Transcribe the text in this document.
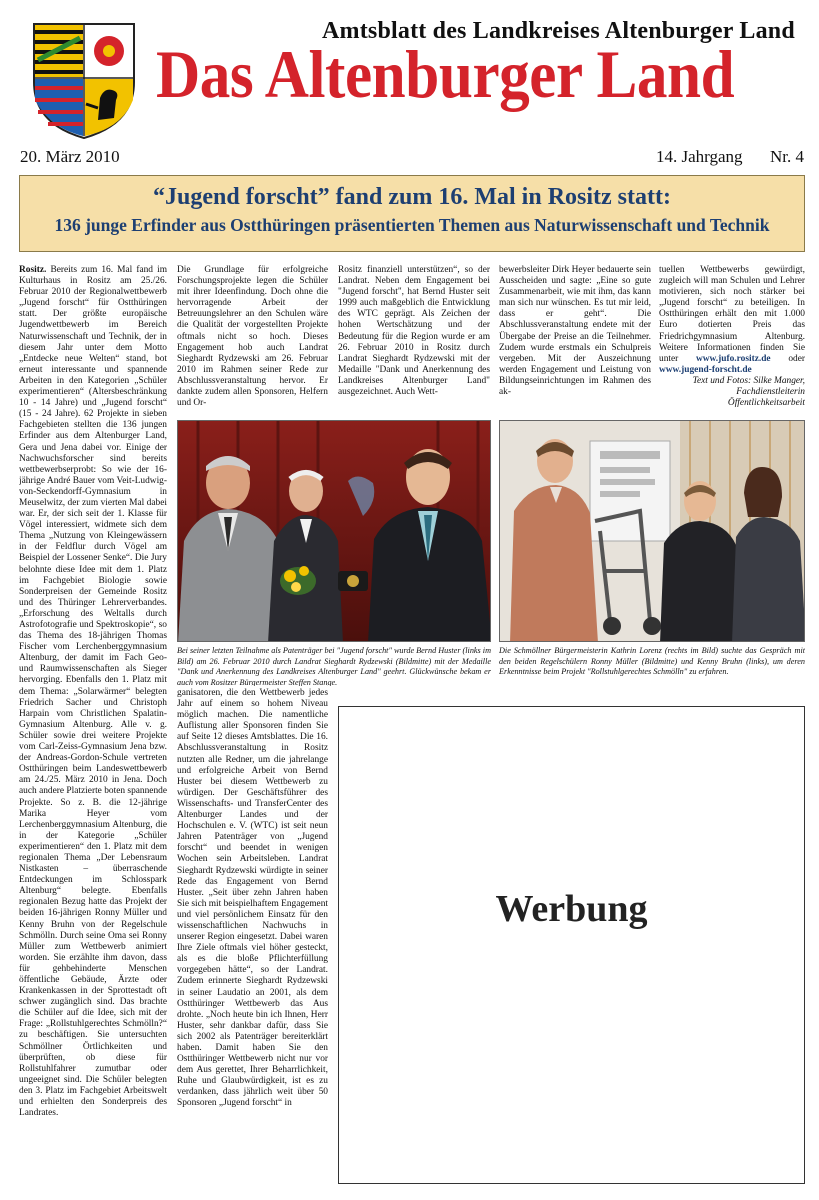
Amtsblatt des Landkreises Altenburger Land
Das Altenburger Land
20. März 2010	14. Jahrgang Nr. 4
“Jugend forscht” fand zum 16. Mal in Rositz statt:
136 junge Erfinder aus Ostthüringen präsentierten Themen aus Naturwissenschaft und Technik

Rositz. Bereits zum 16. Mal fand im Kulturhaus in Rositz am 25./26. Februar 2010 der Regionalwettbewerb „Jugend forscht“ für Ostthüringen statt. Der größte europäische Jugendwettbewerb im Bereich Naturwissenschaft und Technik, der in diesem Jahr unter dem Motto „Entdecke neue Welten“ stand, bot erneut interessante und spannende Arbeiten in den Kategorien „Schüler experimentieren“ (Altersbeschränkung 10 - 14 Jahre) und „Jugend forscht“ (15 - 24 Jahre). 62 Projekte in sieben Fachgebieten stellten die 136 jungen Erfinder aus dem Altenburger Land, Gera und Jena dabei vor. Einige der Nachwuchsforscher sind bereits wettbewerbserprobt: So wie der 16-jährige André Bauer vom Veit-Ludwig-von-Seckendorff-Gymnasium in Meuselwitz, der zum vierten Mal dabei war. Er, der sich seit der 1. Klasse für Vögel interessiert, widmete sich dem Thema „Nutzung von Kleingewässern in der Feldflur durch Vögel am Beispiel der Lossener Senke“. Die Jury belohnte diese Idee mit dem 1. Platz im Fachgebiet Biologie sowie Sonderpreisen der Gemeinde Rositz und des Thüringer Lehrerverbandes. „Erforschung des Weltalls durch Astrofotografie und Spektroskopie“, so das Thema des 18-jährigen Thomas Fischer vom Lerchenberggymnasium Altenburg, der damit im Fach Geo- und Raumwissenschaften als Sieger hervorging. Ebenfalls den 1. Platz mit dem Thema: „Solarwärmer“ belegten Friedrich Sacher und Christoph Harpain vom Christlichen Spalatin-Gymnasium Altenburg. Alle v. g. Schüler sowie drei weitere Projekte vom Carl-Zeiss-Gymnasium Jena bzw. der Andreas-Gordon-Schule vertreten Ostthüringen beim Landeswettbewerb am 24./25. März 2010 in Jena. Doch auch andere Platzierte boten spannende Projekte. So z. B. die 12-jährige Marika Heyer vom Lerchenberggymnasium Altenburg, die in der Kategorie „Schüler experimentieren“ den 1. Platz mit dem regionalen Thema „Der Lebensraum Nistkasten – überraschende Entdeckungen im Schlosspark Altenburg“ belegte. Ebenfalls regionalen Bezug hatte das Projekt der beiden 16-jährigen Ronny Müller und Kenny Bruhn von der Regelschule Schmölln. Durch seine Oma sei Ronny Müller zum Wettbewerb animiert worden. Sie erzählte ihm davon, dass für gehbehinderte Menschen öffentliche Gebäude, Ärzte oder Krankenkassen in der Sprottestadt oft schwer zugänglich sind. Das brachte die Schüler auf die Idee, sich mit der Frage: „Rollstuhlgerechtes Schmölln?“ zu beschäftigen. Sie untersuchten Schmöllner Örtlichkeiten und überprüften, ob diese für Rollstuhlfahrer zumutbar oder ungeeignet sind. Die Schüler belegten den 3. Platz im Fachgebiet Arbeitswelt und erhielten den Sonderpreis des Landrates.

Die Grundlage für erfolgreiche Forschungsprojekte legen die Schüler mit ihrer Ideenfindung. Doch ohne die hervorragende Arbeit der Betreuungslehrer an den Schulen wäre die Qualität der vorgestellten Projekte oftmals nicht so hoch. Dieses Engagement hob auch Landrat Sieghardt Rydzewski am 26. Februar 2010 im Rahmen seiner Rede zur Abschlussveranstaltung hervor. Er dankte zudem allen Sponsoren, Helfern und Or-

Rositz finanziell unterstützen“, so der Landrat. Neben dem Engagement bei "Jugend forscht", hat Bernd Huster seit 1999 auch maßgeblich die Entwicklung des WTC geprägt. Als Zeichen der hohen Wertschätzung und der Bedeutung für die Region wurde er am 26. Februar 2010 in Rositz durch Landrat Sieghardt Rydzewski mit der Medaille "Dank und Anerkennung des Landkreises Altenburger Land" ausgezeichnet. Auch Wett-

bewerbsleiter Dirk Heyer bedauerte sein Ausscheiden und sagte: „Eine so gute Zusammenarbeit, wie mit ihm, das kann man sich nur wünschen. Es tut mir leid, dass er geht“. Die Abschlussveranstaltung endete mit der Übergabe der Preise an die Teilnehmer. Zudem wurde erstmals ein Schulpreis vergeben. Mit der Auszeichnung werden Engagement und Leistung von Bildungseinrichtungen im Rahmen des ak-

tuellen Wettbewerbs gewürdigt, zugleich will man Schulen und Lehrer motivieren, sich noch stärker bei „Jugend forscht“ zu beteiligen. In Ostthüringen erhält den mit 1.000 Euro dotierten Preis das Friedrichgymnasium Altenburg. Weitere Informationen finden Sie unter www.jufo.rositz.de oder www.jugend-forscht.de

Text und Fotos: Silke Manger, Fachdienstleiterin Öffentlichkeitsarbeit
Bei seiner letzten Teilnahme als Patenträger bei "Jugend forscht" wurde Bernd Huster (links im Bild) am 26. Februar 2010 durch Landrat Sieghardt Rydzewski (Bildmitte) mit der Medaille "Dank und Anerkennung des Landkreises Altenburger Land" geehrt. Glückwünsche bekam er auch vom Rositzer Bürgermeister Steffen Stange.
Die Schmöllner Bürgermeisterin Kathrin Lorenz (rechts im Bild) suchte das Gespräch mit den beiden Regelschülern Ronny Müller (Bildmitte) und Kenny Bruhn (links), um deren Erkenntnisse beim Projekt "Rollstuhlgerechtes Schmölln" zu erfahren.

ganisatoren, die den Wettbewerb jedes Jahr auf einem so hohem Niveau möglich machen. Die namentliche Auflistung aller Sponsoren finden Sie auf Seite 12 dieses Amtsblattes. Die 16. Abschlussveranstaltung in Rositz nutzten alle Redner, um die jahrelange und erfolgreiche Arbeit von Bernd Huster bei diesem Wettbewerb zu würdigen. Der Geschäftsführer des Wissenschafts- und TransferCenter des Altenburger Landes und der Hochschulen e. V. (WTC) ist seit neun Jahren Patenträger von „Jugend forscht“ und beendet in wenigen Wochen sein Arbeitsleben. Landrat Sieghardt Rydzewski würdigte in seiner Rede das Engagement von Bernd Huster. „Seit über zehn Jahren haben Sie sich mit beispielhaftem Engagement und viel persönlichem Einsatz für den wissenschaftlichen Nachwuchs in unserer Region eingesetzt. Dabei waren Ihre Ziele oftmals viel höher gesteckt, als es die bloße Pflichterfüllung vorgegeben hätte“, so der Landrat. Zudem erinnerte Sieghardt Rydzewski in seiner Laudatio an 2001, als dem Ostthüringer Wettbewerb das Aus drohte. „Noch heute bin ich Ihnen, Herr Huster, sehr dankbar dafür, dass Sie sich 2002 als Patenträger bereiterklärt haben. Damit haben Sie den Ostthüringer Wettbewerb nicht nur vor dem Aus gerettet, Ihrer Beharrlichkeit, Ruhe und Glaubwürdigkeit, ist es zu verdanken, dass jährlich weit über 50 Sponsoren „Jugend forscht“ in

Werbung
